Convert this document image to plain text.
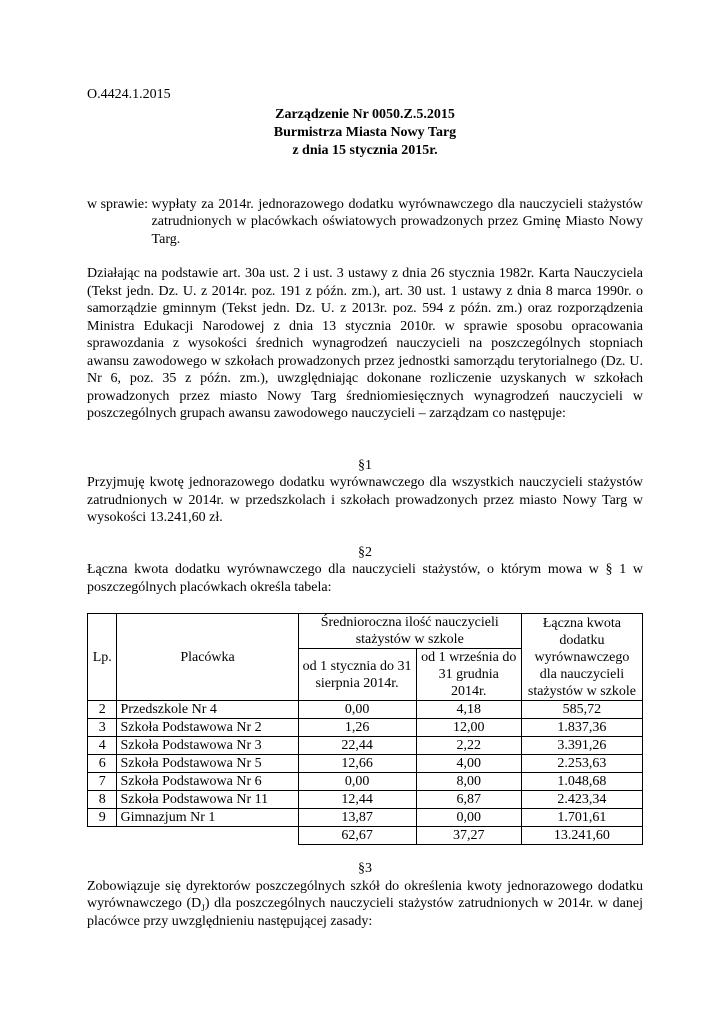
O.4424.1.2015

Zarządzenie Nr 0050.Z.5.2015
Burmistrza Miasta Nowy Targ
z dnia 15 stycznia 2015r.
w sprawie: wypłaty za 2014r. jednorazowego dodatku wyrównawczego dla nauczycieli stażystów zatrudnionych w placówkach oświatowych prowadzonych przez Gminę Miasto Nowy Targ.

Działając na podstawie art. 30a ust. 2 i ust. 3 ustawy z dnia 26 stycznia 1982r. Karta Nauczyciela (Tekst jedn. Dz. U. z 2014r. poz. 191 z późn. zm.), art. 30 ust. 1 ustawy z dnia 8 marca 1990r. o samorządzie gminnym (Tekst jedn. Dz. U. z 2013r. poz. 594 z późn. zm.) oraz rozporządzenia Ministra Edukacji Narodowej z dnia 13 stycznia 2010r. w sprawie sposobu opracowania sprawozdania z wysokości średnich wynagrodzeń nauczycieli na poszczególnych stopniach awansu zawodowego w szkołach prowadzonych przez jednostki samorządu terytorialnego (Dz. U. Nr 6, poz. 35 z późn. zm.), uwzględniając dokonane rozliczenie uzyskanych w szkołach prowadzonych przez miasto Nowy Targ średniomiesięcznych wynagrodzeń nauczycieli w poszczególnych grupach awansu zawodowego nauczycieli – zarządzam co następuje:

§1

Przyjmuję kwotę jednorazowego dodatku wyrównawczego dla wszystkich nauczycieli stażystów zatrudnionych w 2014r. w przedszkolach i szkołach prowadzonych przez miasto Nowy Targ w wysokości 13.241,60 zł.

§2

Łączna kwota dodatku wyrównawczego dla nauczycieli stażystów, o którym mowa w § 1 w poszczególnych placówkach określa tabela:

Lp.	Placówka	Średnioroczna ilość nauczycieli stażystów w szkole		Łączna kwota dodatku wyrównawczego dla nauczycieli stażystów w szkole
		od 1 stycznia do 31 sierpnia 2014r.	od 1 września do 31 grudnia 2014r.	
2	Przedszkole Nr 4	0,00	4,18	585,72
3	Szkoła Podstawowa Nr 2	1,26	12,00	1.837,36
4	Szkoła Podstawowa Nr 3	22,44	2,22	3.391,26
6	Szkoła Podstawowa Nr 5	12,66	4,00	2.253,63
7	Szkoła Podstawowa Nr 6	0,00	8,00	1.048,68
8	Szkoła Podstawowa Nr 11	12,44	6,87	2.423,34
9	Gimnazjum Nr 1	13,87	0,00	1.701,61
		62,67	37,27	13.241,60

§3

Zobowiązuje się dyrektorów poszczególnych szkół do określenia kwoty jednorazowego dodatku wyrównawczego $(D_J)$ dla poszczególnych nauczycieli stażystów zatrudnionych w 2014r. w danej placówce przy uwzględnieniu następującej zasady:
